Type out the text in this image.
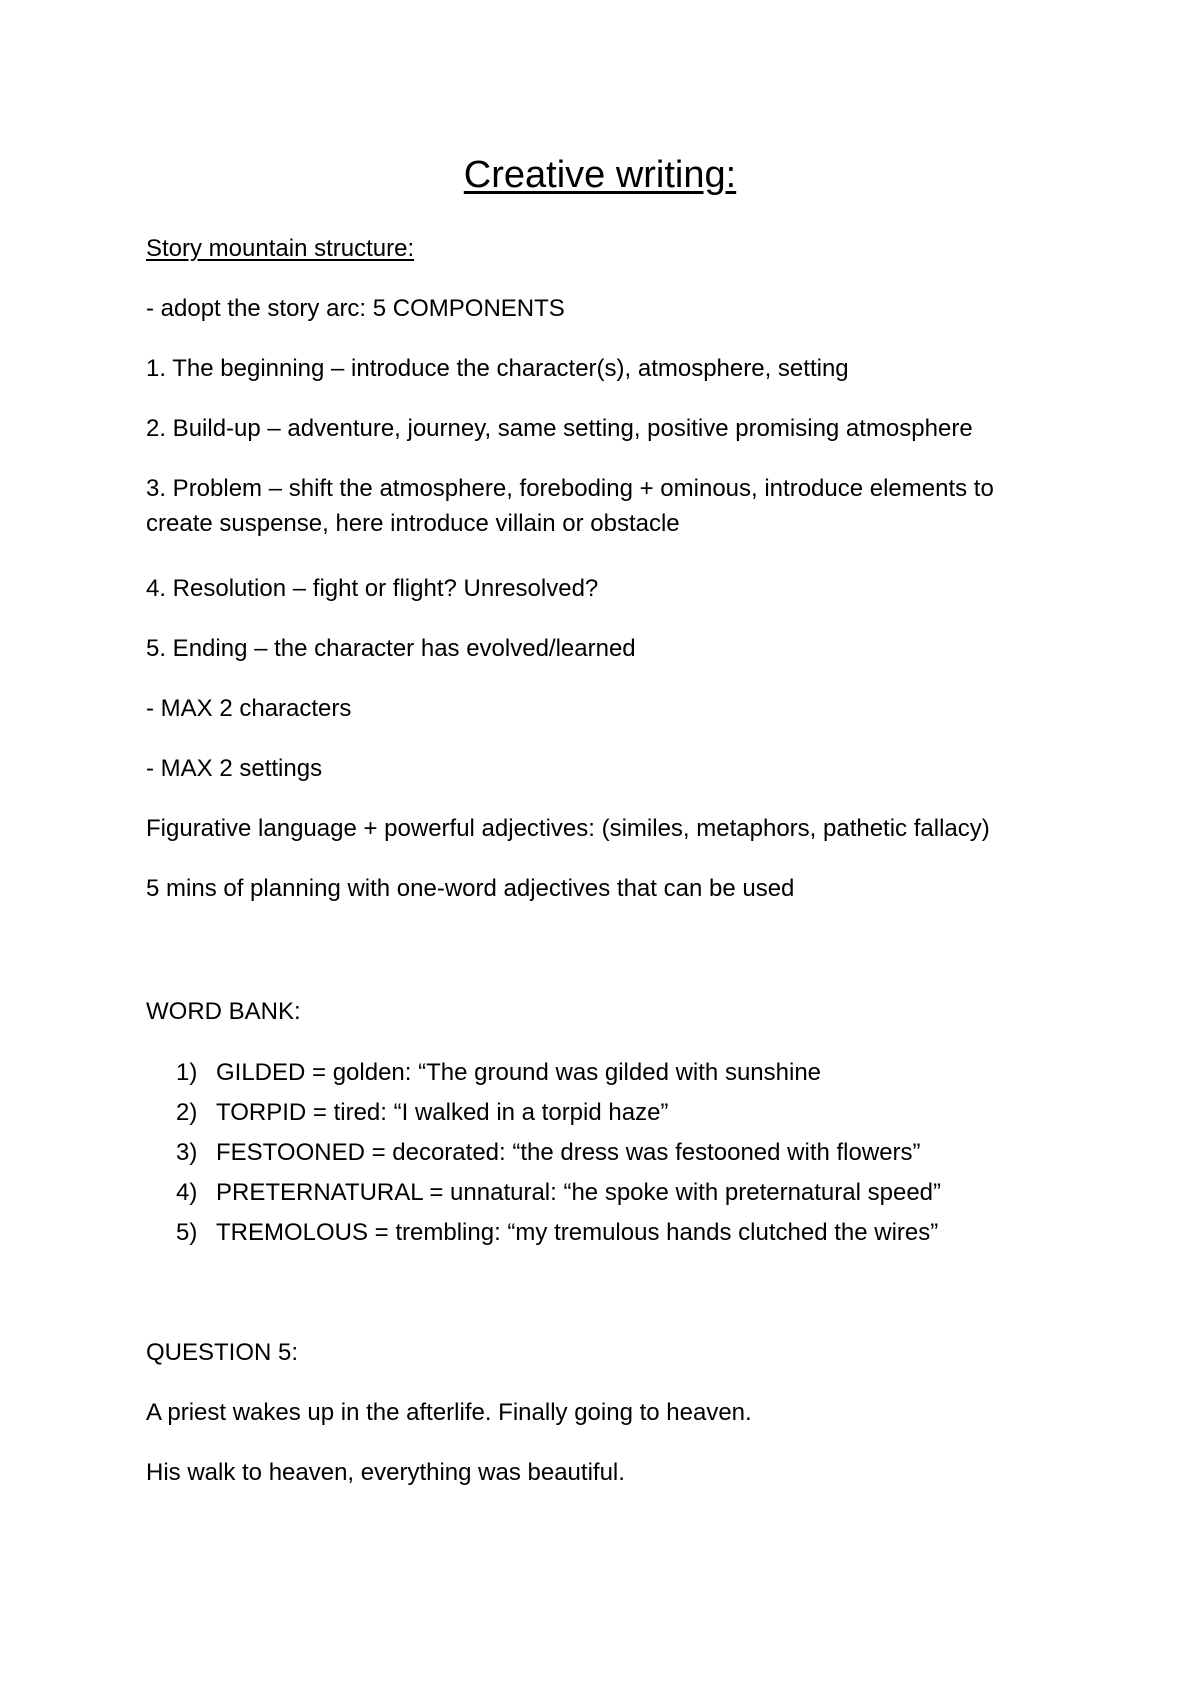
Creative writing:

Story mountain structure:

- adopt the story arc: 5 COMPONENTS

1. The beginning – introduce the character(s), atmosphere, setting

2. Build-up – adventure, journey, same setting, positive promising atmosphere

3. Problem – shift the atmosphere, foreboding + ominous, introduce elements to create suspense, here introduce villain or obstacle

4. Resolution – fight or flight? Unresolved?

5. Ending – the character has evolved/learned

- MAX 2 characters

- MAX 2 settings

Figurative language + powerful adjectives: (similes, metaphors, pathetic fallacy)

5 mins of planning with one-word adjectives that can be used

WORD BANK:

1) GILDED = golden: “The ground was gilded with sunshine
2) TORPID = tired: “I walked in a torpid haze”
3) FESTOONED = decorated: “the dress was festooned with flowers”
4) PRETERNATURAL = unnatural: “he spoke with preternatural speed”
5) TREMOLOUS = trembling: “my tremulous hands clutched the wires”

QUESTION 5:

A priest wakes up in the afterlife. Finally going to heaven.

His walk to heaven, everything was beautiful.
